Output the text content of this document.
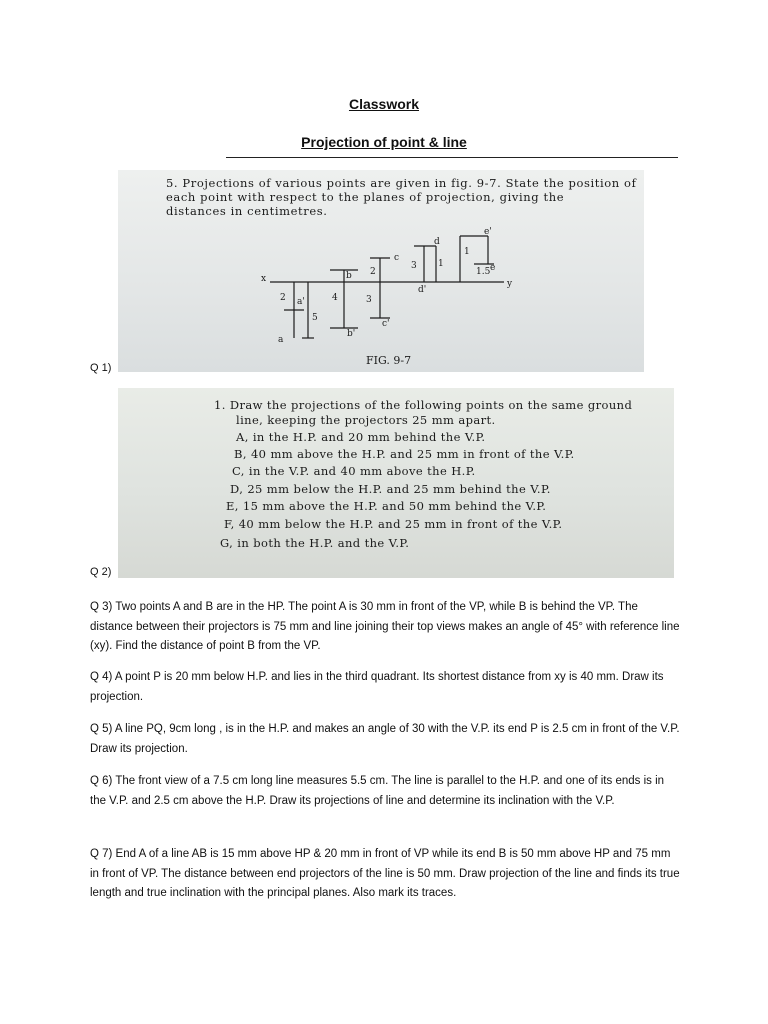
Classwork
Projection of point & line
Q 1)
5. Projections of various points are given in fig. 9-7. State the position of
each point with respect to the planes of projection, giving the
distances in centimetres.
x	y
a
a'
b
b'
c
c'
d
d'
e
e'
2
5
4	3
2
3 1
1
1.5
FIG. 9-7
Q 2)
1. Draw the projections of the following points on the same ground
line, keeping the projectors 25 mm apart.
A, in the H.P. and 20 mm behind the V.P.
B, 40 mm above the H.P. and 25 mm in front of the V.P.
C, in the V.P. and 40 mm above the H.P.
D, 25 mm below the H.P. and 25 mm behind the V.P.
E, 15 mm above the H.P. and 50 mm behind the V.P.
F, 40 mm below the H.P. and 25 mm in front of the V.P.
G, in both the H.P. and the V.P.
Q 3) Two points A and B are in the HP. The point A is 30 mm in front of the VP, while B is behind the VP. The distance between their projectors is 75 mm and line joining their top views makes an angle of 45° with reference line (xy). Find the distance of point B from the VP.
Q 4) A point P is 20 mm below H.P. and lies in the third quadrant. Its shortest distance from xy is 40 mm. Draw its projection.
Q 5) A line PQ, 9cm long , is in the H.P. and makes an angle of 30 with the V.P. its end P is 2.5 cm in front of the V.P. Draw its projection.
Q 6) The front view of a 7.5 cm long line measures 5.5 cm. The line is parallel to the H.P. and one of its ends is in the V.P. and 2.5 cm above the H.P. Draw its projections of line and determine its inclination with the V.P.
Q 7) End A of a line AB is 15 mm above HP & 20 mm in front of VP while its end B is 50 mm above HP and 75 mm in front of VP. The distance between end projectors of the line is 50 mm. Draw projection of the line and finds its true length and true inclination with the principal planes. Also mark its traces.
